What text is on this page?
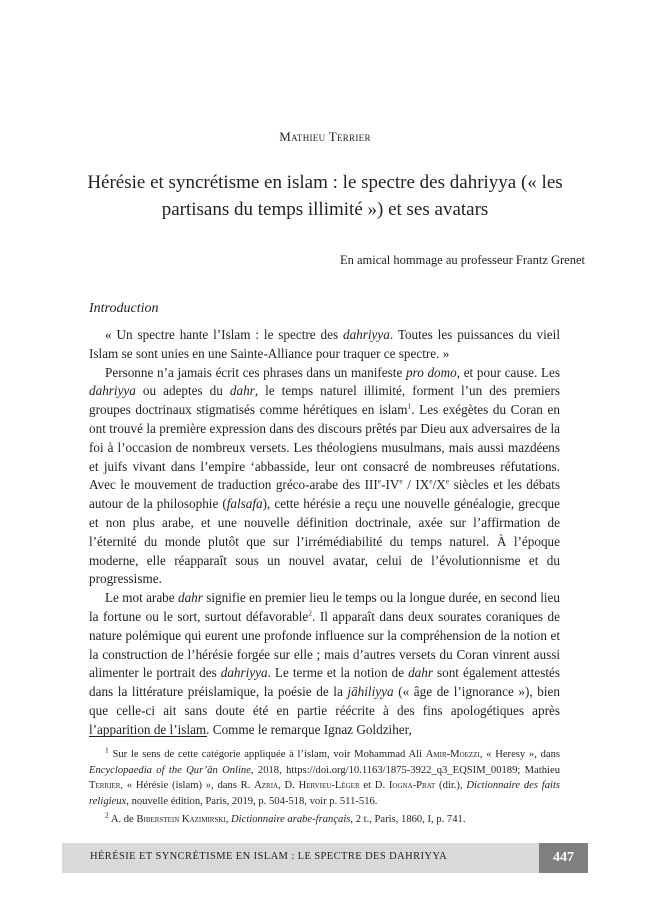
Mathieu Terrier
Hérésie et syncrétisme en islam : le spectre des dahriyya (« les partisans du temps illimité ») et ses avatars
En amical hommage au professeur Frantz Grenet
Introduction

« Un spectre hante l’Islam : le spectre des dahriyya. Toutes les puissances du vieil Islam se sont unies en une Sainte-Alliance pour traquer ce spectre. »

Personne n’a jamais écrit ces phrases dans un manifeste pro domo, et pour cause. Les dahriyya ou adeptes du dahr, le temps naturel illimité, forment l’un des premiers groupes doctrinaux stigmatisés comme hérétiques en islam$^1$. Les exégètes du Coran en ont trouvé la première expression dans des discours prêtés par Dieu aux adversaires de la foi à l’occasion de nombreux versets. Les théologiens musulmans, mais aussi mazdéens et juifs vivant dans l’empire ‘abbasside, leur ont consacré de nombreuses réfutations. Avec le mouvement de traduction gréco-arabe des IIIe-IVe / IXe/Xe siècles et les débats autour de la philosophie (falsafa), cette hérésie a reçu une nouvelle généalogie, grecque et non plus arabe, et une nouvelle définition doctrinale, axée sur l’affirmation de l’éternité du monde plutôt que sur l’irrémédiabilité du temps naturel. À l’époque moderne, elle réapparaît sous un nouvel avatar, celui de l’évolutionnisme et du progressisme.

Le mot arabe dahr signifie en premier lieu le temps ou la longue durée, en second lieu la fortune ou le sort, surtout défavorable$^2$. Il apparaît dans deux sourates coraniques de nature polémique qui eurent une profonde influence sur la compréhension de la notion et la construction de l’hérésie forgée sur elle ; mais d’autres versets du Coran vinrent aussi alimenter le portrait des dahriyya. Le terme et la notion de dahr sont également attestés dans la littérature préislamique, la poésie de la jāhiliyya (« âge de l’ignorance »), bien que celle-ci ait sans doute été en partie réécrite à des fins apologétiques après l’apparition de l’islam. Comme le remarque Ignaz Goldziher,

$^1$ Sur le sens de cette catégorie appliquée à l’islam, voir Mohammad Ali Amir-Moezzi, « Heresy », dans Encyclopaedia of the Qur’ān Online, 2018, https://doi.org/10.1163/1875-3922_q3_EQSIM_00189; Mathieu Terrier, « Hérésie (islam) », dans R. Azria, D. Hervieu-Léger et D. Iogna-Prat (dir.), Dictionnaire des faits religieux, nouvelle édition, Paris, 2019, p. 504-518, voir p. 511-516.

$^2$ A. de Biberstein Kazimirski, Dictionnaire arabe-français, 2 t., Paris, 1860, I, p. 741.

HÉRÉSIE ET SYNCRÉTISME EN ISLAM : LE SPECTRE DES DAHRIYYA	447
